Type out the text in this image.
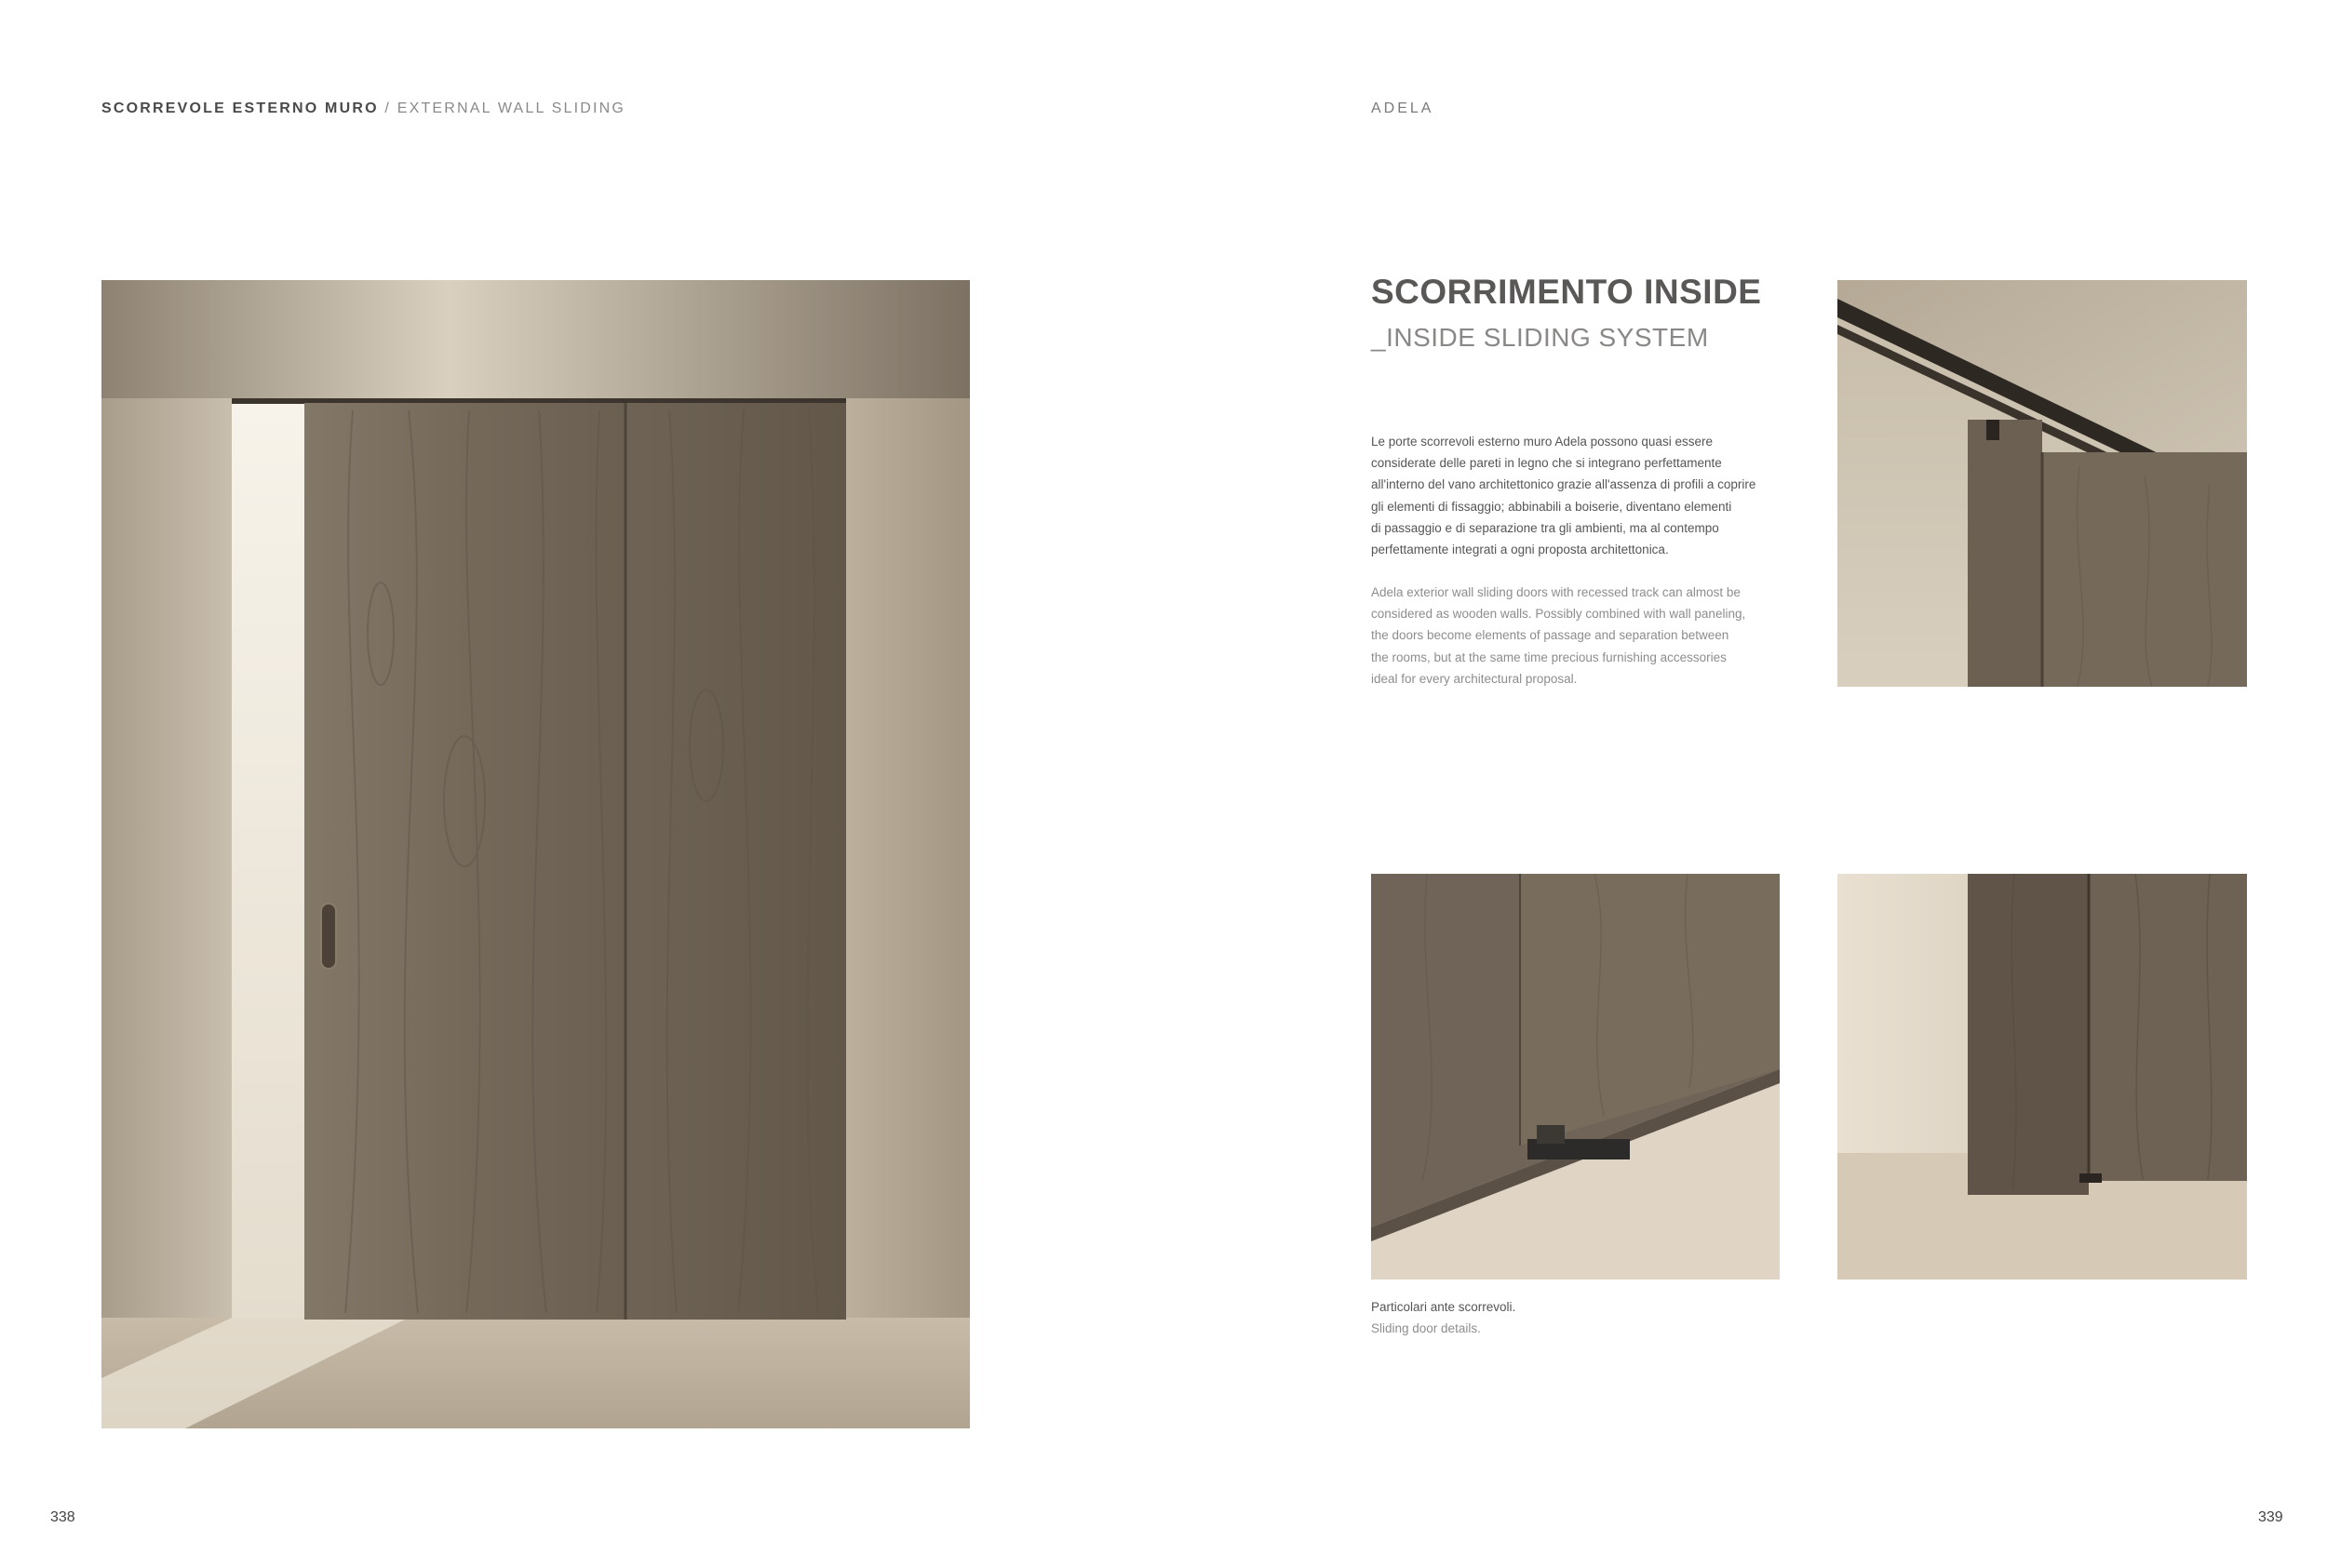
SCORREVOLE ESTERNO MURO / EXTERNAL WALL SLIDING	ADELA
SCORRIMENTO INSIDE
_INSIDE SLIDING SYSTEM
Le porte scorrevoli esterno muro Adela possono quasi essere
considerate delle pareti in legno che si integrano perfettamente
all'interno del vano architettonico grazie all'assenza di profili a coprire
gli elementi di fissaggio; abbinabili a boiserie, diventano elementi
di passaggio e di separazione tra gli ambienti, ma al contempo
perfettamente integrati a ogni proposta architettonica.
Adela exterior wall sliding doors with recessed track can almost be
considered as wooden walls. Possibly combined with wall paneling,
the doors become elements of passage and separation between
the rooms, but at the same time precious furnishing accessories
ideal for every architectural proposal.
Particolari ante scorrevoli.
Sliding door details.
338	339
